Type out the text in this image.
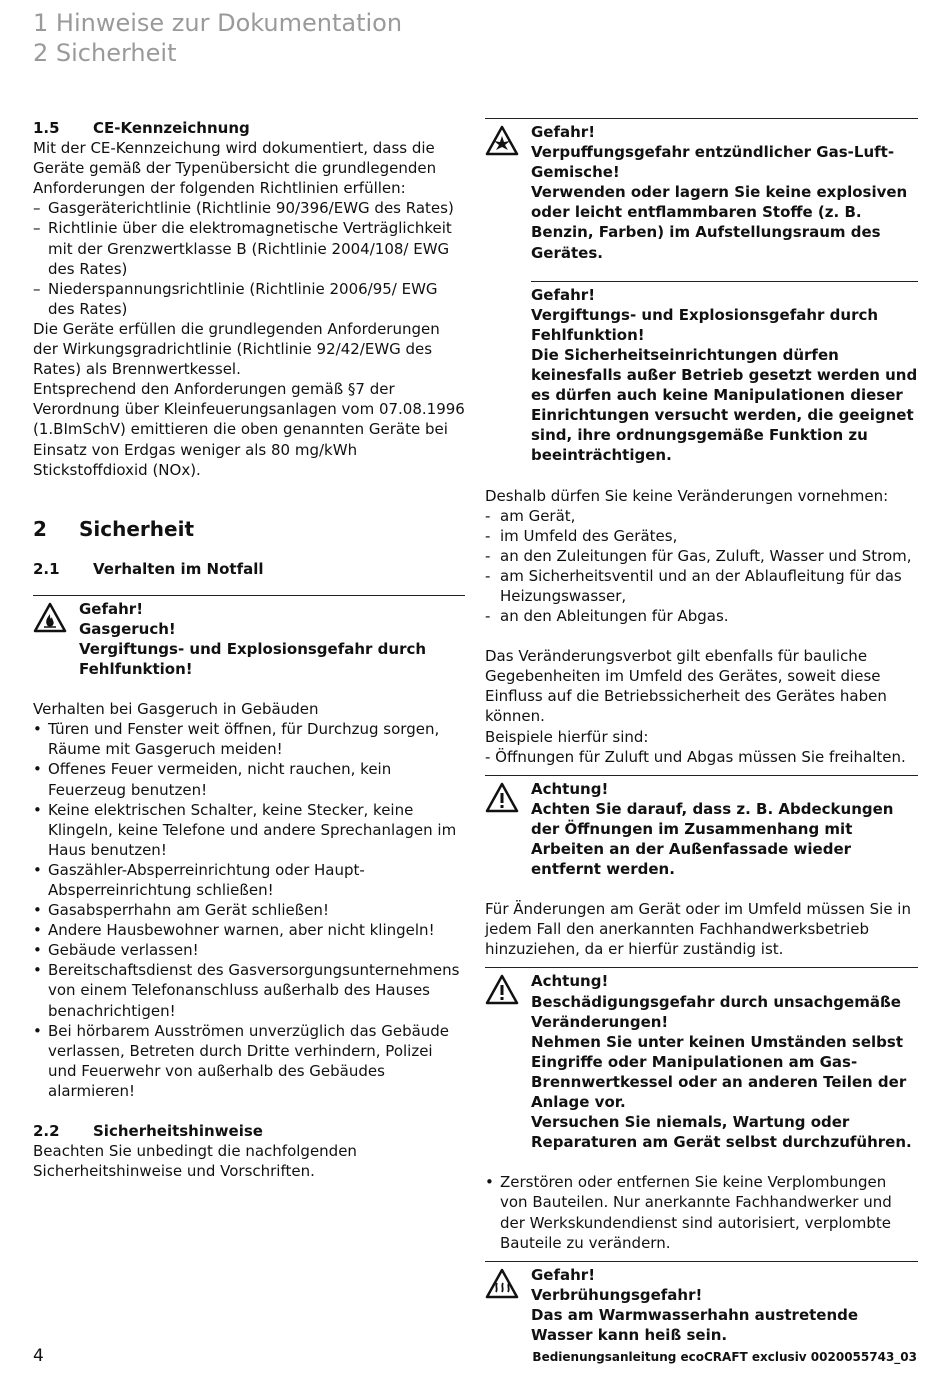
1 Hinweise zur Dokumentation
2 Sicherheit
1.5 CE-Kennzeichnung

Mit der CE-Kennzeichung wird dokumentiert, dass die Geräte gemäß der Typenübersicht die grundlegenden Anforderungen der folgenden Richtlinien erfüllen:

– Gasgeräterichtlinie (Richtlinie 90/396/EWG des Rates)
– Richtlinie über die elektromagnetische Verträglichkeit mit der Grenzwertklasse B (Richtlinie 2004/108/ EWG des Rates)
– Niederspannungsrichtlinie (Richtlinie 2006/95/ EWG des Rates)

Die Geräte erfüllen die grundlegenden Anforderungen der Wirkungsgradrichtlinie (Richtlinie 92/42/EWG des Rates) als Brennwertkessel.

Entsprechend den Anforderungen gemäß §7 der Verordnung über Kleinfeuerungsanlagen vom 07.08.1996 (1.BImSchV) emittieren die oben genannten Geräte bei Einsatz von Erdgas weniger als 80 mg/kWh Stickstoffdioxid (NOx).

2 Sicherheit
2.1 Verhalten im Notfall
Gefahr!
Gasgeruch!
Vergiftungs- und Explosionsgefahr durch Fehlfunktion!

Verhalten bei Gasgeruch in Gebäuden

• Türen und Fenster weit öffnen, für Durchzug sorgen, Räume mit Gasgeruch meiden!
• Offenes Feuer vermeiden, nicht rauchen, kein Feuerzeug benutzen!
• Keine elektrischen Schalter, keine Stecker, keine Klingeln, keine Telefone und andere Sprechanlagen im Haus benutzen!
• Gaszähler-Absperreinrichtung oder Haupt-Absperreinrichtung schließen!
• Gasabsperrhahn am Gerät schließen!
• Andere Hausbewohner warnen, aber nicht klingeln!
• Gebäude verlassen!
• Bereitschaftsdienst des Gasversorgungsunternehmens von einem Telefonanschluss außerhalb des Hauses benachrichtigen!
• Bei hörbarem Ausströmen unverzüglich das Gebäude verlassen, Betreten durch Dritte verhindern, Polizei und Feuerwehr von außerhalb des Gebäudes alarmieren!
2.2 Sicherheitshinweise

Beachten Sie unbedingt die nachfolgenden Sicherheitshinweise und Vorschriften.

Gefahr!
Verpuffungsgefahr entzündlicher Gas-Luft-Gemische!
Verwenden oder lagern Sie keine explosiven oder leicht entflammbaren Stoffe (z. B. Benzin, Farben) im Aufstellungsraum des Gerätes.
Gefahr!
Vergiftungs- und Explosionsgefahr durch Fehlfunktion!
Die Sicherheitseinrichtungen dürfen keinesfalls außer Betrieb gesetzt werden und es dürfen auch keine Manipulationen dieser Einrichtungen versucht werden, die geeignet sind, ihre ordnungsgemäße Funktion zu beeinträchtigen.

Deshalb dürfen Sie keine Veränderungen vornehmen:

- am Gerät,
- im Umfeld des Gerätes,
- an den Zuleitungen für Gas, Zuluft, Wasser und Strom,
- am Sicherheitsventil und an der Ablaufleitung für das Heizungswasser,
- an den Ableitungen für Abgas.

Das Veränderungsverbot gilt ebenfalls für bauliche Gegebenheiten im Umfeld des Gerätes, soweit diese Einfluss auf die Betriebssicherheit des Gerätes haben können.

Beispiele hierfür sind:

- Öffnungen für Zuluft und Abgas müssen Sie freihalten.

Achtung!
Achten Sie darauf, dass z. B. Abdeckungen der Öffnungen im Zusammenhang mit Arbeiten an der Außenfassade wieder entfernt werden.

Für Änderungen am Gerät oder im Umfeld müssen Sie in jedem Fall den anerkannten Fachhandwerksbetrieb hinzuziehen, da er hierfür zuständig ist.

Achtung!
Beschädigungsgefahr durch unsachgemäße Veränderungen!
Nehmen Sie unter keinen Umständen selbst Eingriffe oder Manipulationen am Gas-Brennwertkessel oder an anderen Teilen der Anlage vor.
Versuchen Sie niemals, Wartung oder Reparaturen am Gerät selbst durchzuführen.
• Zerstören oder entfernen Sie keine Verplombungen von Bauteilen. Nur anerkannte Fachhandwerker und der Werkskundendienst sind autorisiert, verplombte Bauteile zu verändern.
Gefahr!
Verbrühungsgefahr!
Das am Warmwasserhahn austretende Wasser kann heiß sein.
4	Bedienungsanleitung ecoCRAFT exclusiv 0020055743_03
